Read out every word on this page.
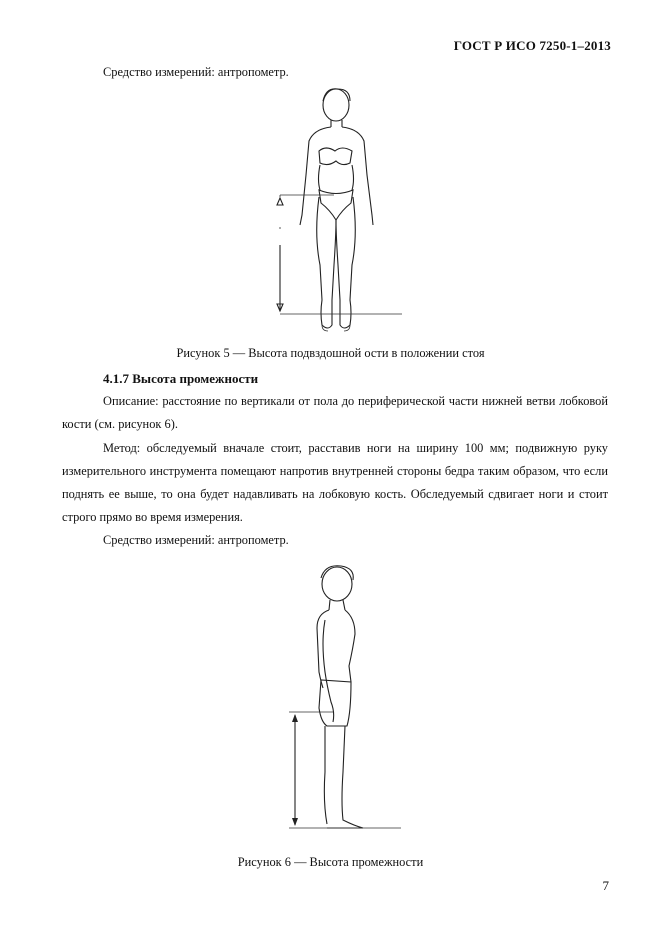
ГОСТ Р ИСО 7250-1–2013

Средство измерений: антропометр.

Рисунок 5 — Высота подвздошной ости в положении стоя
4.1.7 Высота промежности

Описание: расстояние по вертикали от пола до периферической части нижней ветви лобковой кости (см. рисунок 6).

Метод: обследуемый вначале стоит, расставив ноги на ширину 100 мм; подвижную руку измерительного инструмента помещают напротив внутренней стороны бедра таким образом, что если поднять ее выше, то она будет надавливать на лобковую кость. Обследуемый сдвигает ноги и стоит строго прямо во время измерения.

Средство измерений: антропометр.

Рисунок 6 — Высота промежности
7
